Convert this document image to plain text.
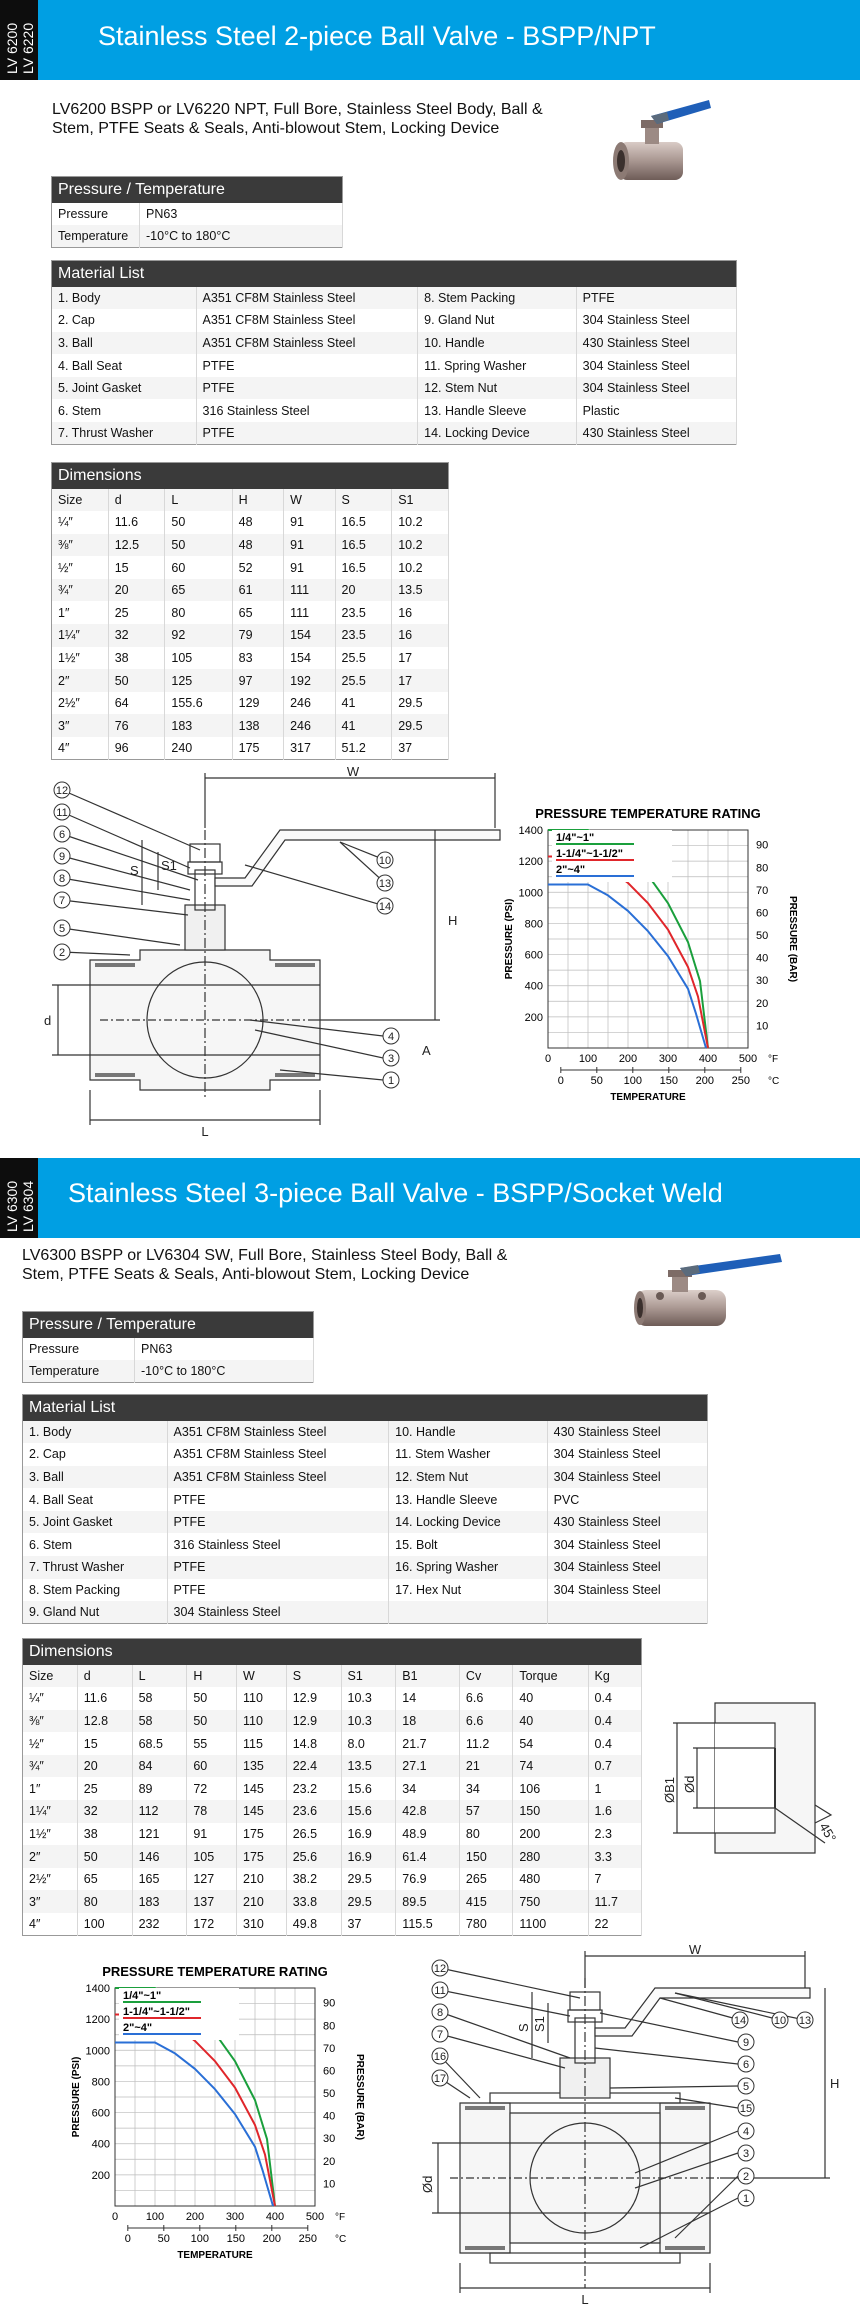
LV 6200 LV 6220 Stainless Steel 2-piece Ball Valve - BSPP/NPT
LV6200 BSPP or LV6220 NPT, Full Bore, Stainless Steel Body, Ball & Stem, PTFE Seats & Seals, Anti-blowout Stem, Locking Device
Pressure / Temperature	
Pressure	PN63
Temperature	-10°C to 180°C
Material List			
1. Body	A351 CF8M Stainless Steel	8. Stem Packing	PTFE
2. Cap	A351 CF8M Stainless Steel	9. Gland Nut	304 Stainless Steel
3. Ball	A351 CF8M Stainless Steel	10. Handle	430 Stainless Steel
4. Ball Seat	PTFE	11. Spring Washer	304 Stainless Steel
5. Joint Gasket	PTFE	12. Stem Nut	304 Stainless Steel
6. Stem	316 Stainless Steel	13. Handle Sleeve	Plastic
7. Thrust Washer	PTFE	14. Locking Device	430 Stainless Steel
Dimensions						
Size	d	L	H	W	S	S1
¼″	11.6	50	48	91	16.5	10.2
⅜″	12.5	50	48	91	16.5	10.2
½″	15	60	52	91	16.5	10.2
¾″	20	65	61	111	20	13.5
1″	25	80	65	111	23.5	16
1¼″	32	92	79	154	23.5	16
1½″	38	105	83	154	25.5	17
2″	50	125	97	192	25.5	17
2½″	64	155.6	129	246	41	29.5
3″	76	183	138	246	41	29.5
4″	96	240	175	317	51.2	37
W
H
L
d
S S1
A
12
11
6
9
8
7
5
2
10
13
14
4
3
1
PRESSURE TEMPERATURE RATING
200
400
600
800
1000
1200
1400
10
20
30
40
50
60
70
80
90
0	100 200 300 400 500 °F
0 50 100 150 200 250 °C
TEMPERATURE
PRESSURE (PSI)	PRESSURE (BAR)
1/4"~1"
1-1/4"~1-1/2"
2"~4"
LV 6300 LV 6304 Stainless Steel 3-piece Ball Valve - BSPP/Socket Weld
LV6300 BSPP or LV6304 SW, Full Bore, Stainless Steel Body, Ball & Stem, PTFE Seats & Seals, Anti-blowout Stem, Locking Device
Pressure / Temperature	
Pressure	PN63
Temperature	-10°C to 180°C
Material List			
1. Body	A351 CF8M Stainless Steel	10. Handle	430 Stainless Steel
2. Cap	A351 CF8M Stainless Steel	11. Stem Washer	304 Stainless Steel
3. Ball	A351 CF8M Stainless Steel	12. Stem Nut	304 Stainless Steel
4. Ball Seat	PTFE	13. Handle Sleeve	PVC
5. Joint Gasket	PTFE	14. Locking Device	430 Stainless Steel
6. Stem	316 Stainless Steel	15. Bolt	304 Stainless Steel
7. Thrust Washer	PTFE	16. Spring Washer	304 Stainless Steel
8. Stem Packing	PTFE	17. Hex Nut	304 Stainless Steel
9. Gland Nut	304 Stainless Steel		
Dimensions										
Size	d	L	H	W	S	S1	B1	Cv	Torque	Kg
¼″	11.6	58	50	110	12.9	10.3	14	6.6	40	0.4
⅜″	12.8	58	50	110	12.9	10.3	18	6.6	40	0.4
½″	15	68.5	55	115	14.8	8.0	21.7	11.2	54	0.4
¾″	20	84	60	135	22.4	13.5	27.1	21	74	0.7
1″	25	89	72	145	23.2	15.6	34	34	106	1
1¼″	32	112	78	145	23.6	15.6	42.8	57	150	1.6
1½″	38	121	91	175	26.5	16.9	48.9	80	200	2.3
2″	50	146	105	175	25.6	16.9	61.4	150	280	3.3
2½″	65	165	127	210	38.2	29.5	76.9	265	480	7
3″	80	183	137	210	33.8	29.5	89.5	415	750	11.7
4″	100	232	172	310	49.8	37	115.5	780	1100	22
ØB1 Ød
45°
PRESSURE TEMPERATURE RATING
200
400
600
800
1000
1200
1400
10
20
30
40
50
60
70
80
90
0	100 200 300 400 500 °F
0 50 100 150 200 250 °C
TEMPERATURE
PRESSURE (PSI)	PRESSURE (BAR)
1/4"~1"
1-1/4"~1-1/2"
2"~4"
W
H
L
Ød
S S1
12
11
8
7
16
17
14	10 13
9
6
5
15
4
3
2
1
